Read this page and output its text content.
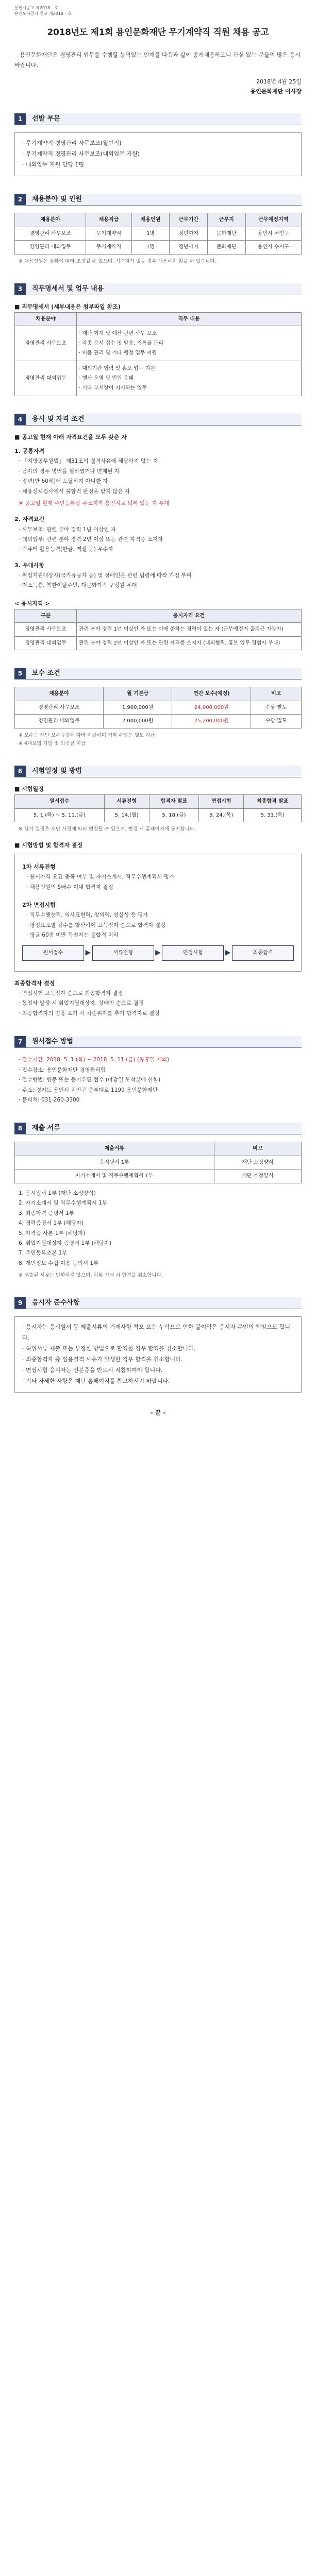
용인시공고 제2018 - 호
용인도시공사 공고 제2018 - 호
2018년도 제1회 용인문화재단 무기계약직 직원 채용 공고
용인문화재단은 경영관리 업무를 수행할 능력있는 인재를 다음과 같이 공개채용하오니 관심 있는 분들의 많은 응시 바랍니다.
2018년 4월 25일
용인문화재단 이사장
1	선발 부문
· 무기계약직 경영관리 사무보조(일반직)
· 무기계약직 경영관리 사무보조(대외업무 지원)
· 대외업무 지원 담당 1명
2	채용분야 및 인원
채용분야	채용직급	채용인원	근무기간	근무지	근무예정지역
경영관리 사무보조	무기계약직	1명	정년까지	문화재단	용인시 처인구
경영관리 대외업무	무기계약직	1명	정년까지	문화재단	용인시 수지구
※ 채용인원은 상황에 따라 조정될 수 있으며, 적격자가 없을 경우 채용하지 않을 수 있습니다.
3	직무명세서 및 업무 내용
■ 직무명세서 (세부내용은 첨부파일 참조)
채용분야	직무 내용
경영관리 사무보조	· 재단 회계 및 예산 관련 사무 보조
· 각종 문서 접수 및 발송, 기록물 관리
· 비품 관리 및 기타 행정 업무 지원
경영관리 대외업무	· 대외기관 협력 및 홍보 업무 지원
· 행사 운영 및 민원 응대
· 기타 부서장이 지시하는 업무
4	응시 및 자격 조건
■ 공고일 현재 아래 자격요건을 모두 갖춘 자
1. 공통자격
· 「지방공무원법」 제31조의 결격사유에 해당하지 않는 자
· 남자의 경우 병역을 필하였거나 면제된 자
· 정년(만 60세)에 도달하지 아니한 자
· 채용신체검사에서 불합격 판정을 받지 않은 자
※ 공고일 현재 주민등록상 주소지가 용인시로 되어 있는 자 우대
2. 자격요건
· 사무보조: 관련 분야 경력 1년 이상인 자
· 대외업무: 관련 분야 경력 2년 이상 또는 관련 자격증 소지자
· 컴퓨터 활용능력(한글, 엑셀 등) 우수자
3. 우대사항
· 취업지원대상자(국가유공자 등) 및 장애인은 관련 법령에 따라 가점 부여
· 저소득층, 북한이탈주민, 다문화가족 구성원 우대
< 응시자격 >
구분	응시자격 요건
경영관리 사무보조	관련 분야 경력 1년 이상인 자 또는 이에 준하는 경력이 있는 자 (근무예정지 출퇴근 가능자)
경영관리 대외업무	관련 분야 경력 2년 이상인 자 또는 관련 자격증 소지자 (대외협력, 홍보 업무 경험자 우대)
5	보수 조건
채용분야	월 기본급	연간 보수(예정)	비고
경영관리 사무보조	1,900,000원	24,000,000원	수당 별도
경영관리 대외업무	2,000,000원	25,200,000원	수당 별도
※ 보수는 재단 보수규정에 따라 지급하며 기타 수당은 별도 지급
※ 4대보험 가입 및 퇴직금 지급
6	시험일정 및 방법
■ 시험일정
원서접수	서류전형	합격자 발표	면접시험	최종합격 발표
5. 1.(화) ~ 5. 11.(금)	5. 14.(월)	5. 18.(금)	5. 24.(목)	5. 31.(목)
※ 상기 일정은 재단 사정에 따라 변경될 수 있으며, 변경 시 홈페이지에 공지합니다.
■ 시험방법 및 합격자 결정
1차 서류전형
· 응시자격 요건 충족 여부 및 자기소개서, 직무수행계획서 평가
· 채용인원의 5배수 이내 합격자 결정
2차 면접시험
· 직무수행능력, 의사표현력, 창의력, 성실성 등 평가
· 평정요소별 점수를 합산하여 고득점자 순으로 합격자 결정
· 평균 60점 미만 득점자는 불합격 처리
원서접수	▶	서류전형	▶	면접시험	▶	최종합격
최종합격자 결정
· 면접시험 고득점자 순으로 최종합격자 결정
· 동점자 발생 시 취업지원대상자, 장애인 순으로 결정
· 최종합격자의 임용 포기 시 차순위자를 추가 합격자로 결정
7	원서접수 방법
· 접수기간: 2018. 5. 1.(화) ~ 2018. 5. 11.(금) (공휴일 제외)
· 접수장소: 용인문화재단 경영관리팀
· 접수방법: 방문 또는 등기우편 접수 (마감일 도착분에 한함)
· 주소: 경기도 용인시 처인구 중부대로 1199 용인문화재단
· 문의처: 031-260-3300
8	제출 서류
제출서류	비고
응시원서 1부	재단 소정양식
자기소개서 및 직무수행계획서 1부	재단 소정양식
1. 응시원서 1부 (재단 소정양식)
2. 자기소개서 및 직무수행계획서 1부
3. 최종학력 증명서 1부
4. 경력증명서 1부 (해당자)
5. 자격증 사본 1부 (해당자)
6. 취업지원대상자 증명서 1부 (해당자)
7. 주민등록초본 1부
8. 개인정보 수집·이용 동의서 1부
※ 제출된 서류는 반환하지 않으며, 허위 기재 시 합격을 취소합니다.
9	응시자 준수사항
· 응시자는 응시원서 등 제출서류의 기재사항 착오 또는 누락으로 인한 불이익은 응시자 본인의 책임으로 합니다.
· 허위서류 제출 또는 부정한 방법으로 합격한 경우 합격을 취소합니다.
· 최종합격자 중 임용결격 사유가 발생한 경우 합격을 취소합니다.
· 면접시험 응시자는 신분증을 반드시 지참하여야 합니다.
· 기타 자세한 사항은 재단 홈페이지를 참고하시기 바랍니다.
- 끝 -
